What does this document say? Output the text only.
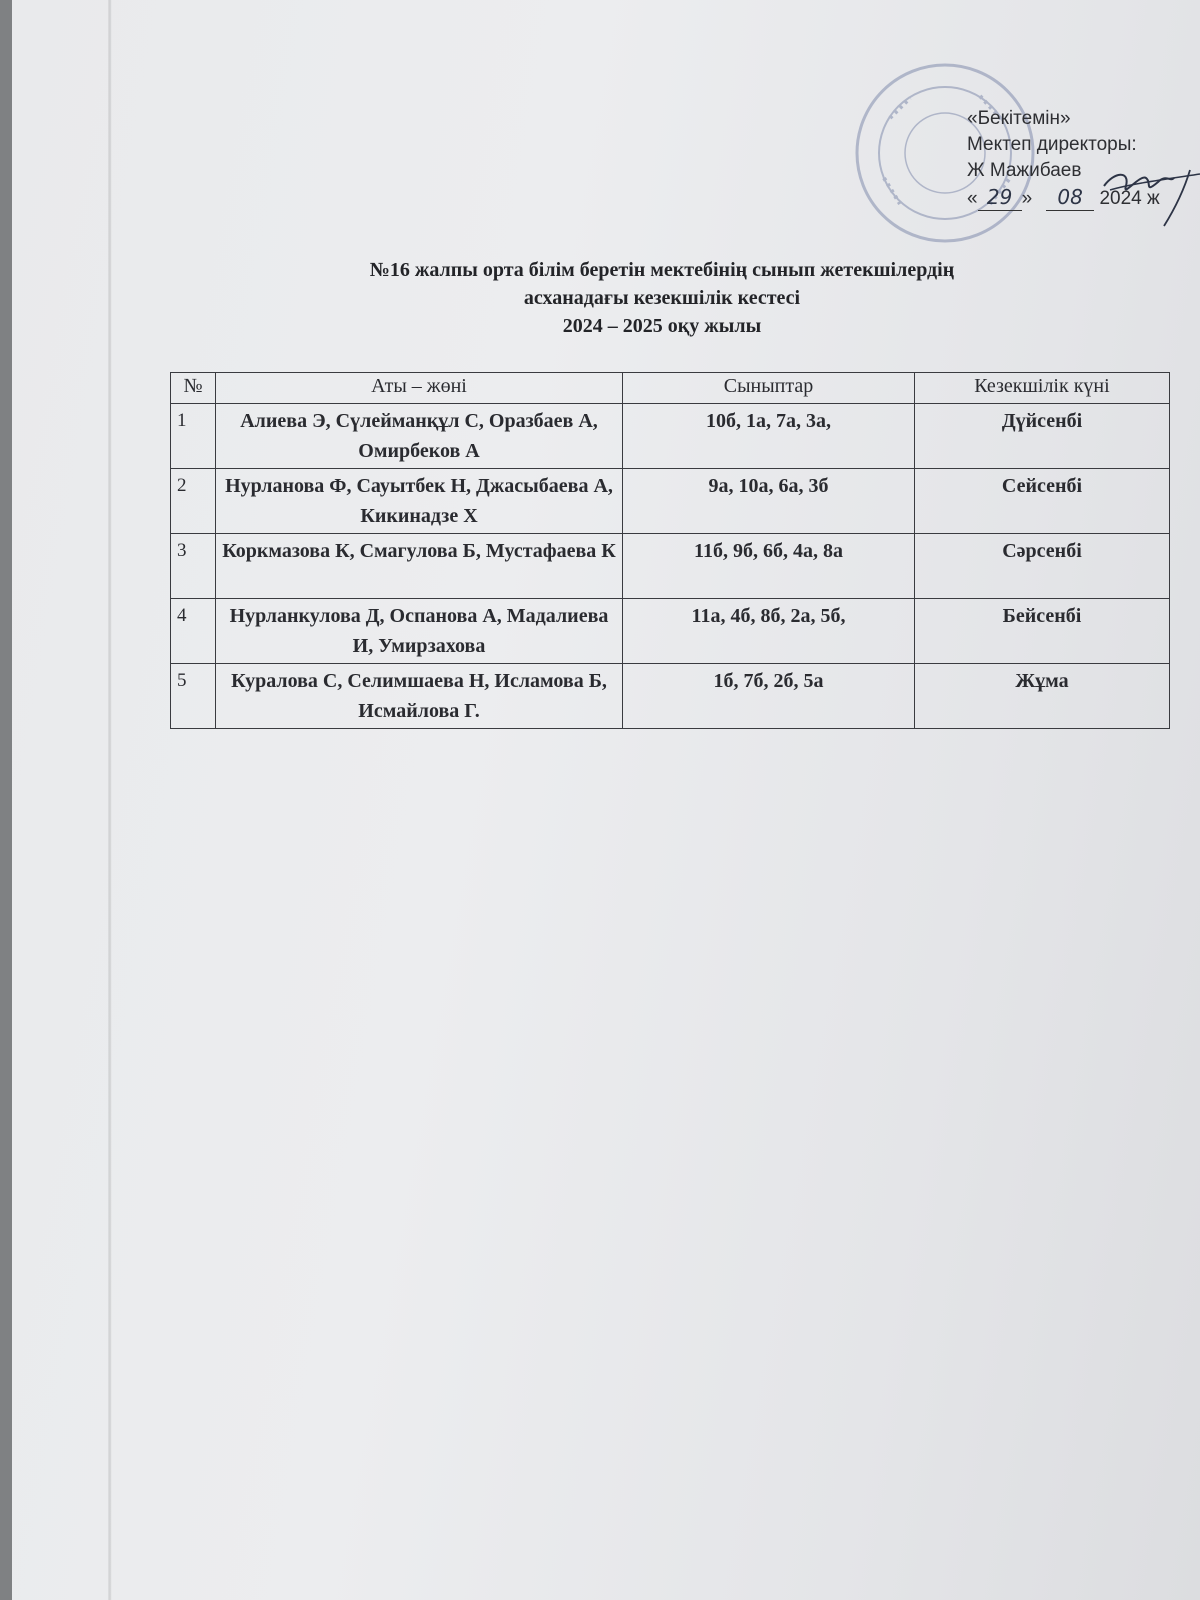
«Бекітемін»
Мектеп директоры:
Ж Мажибаев
« 29 » 08 2024 ж
№16 жалпы орта білім беретін мектебінің сынып жетекшілердің
асханадағы кезекшілік кестесі
2024 – 2025 оқу жылы
№	Аты – жөні	Сыныптар	Кезекшілік күні
1	Алиева Э, Сүлейманқұл С, Оразбаев А, Омирбеков А	10б, 1а, 7а, 3а,	Дүйсенбі
2	Нурланова Ф, Сауытбек Н, Джасыбаева А, Кикинадзе Х	9а, 10а, 6а, 3б	Сейсенбі
3	Коркмазова К, Смагулова Б, Мустафаева К	11б, 9б, 6б, 4а, 8а	Сәрсенбі
4	Нурланкулова Д, Оспанова А, Мадалиева И, Умирзахова	11а, 4б, 8б, 2а, 5б,	Бейсенбі
5	Куралова С, Селимшаева Н, Исламова Б, Исмайлова Г.	1б, 7б, 2б, 5а	Жұма
